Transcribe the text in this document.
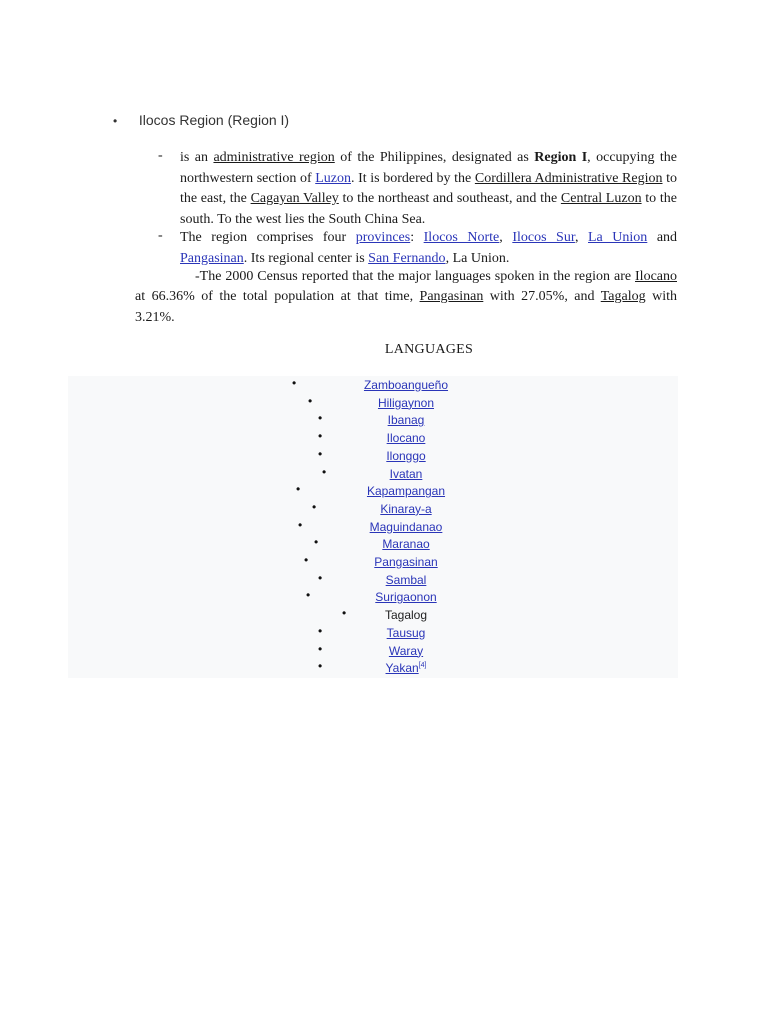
• Ilocos Region (Region I)
- is an administrative region of the Philippines, designated as Region I, occupying the northwestern section of Luzon. It is bordered by the Cordillera Administrative Region to the east, the Cagayan Valley to the northeast and southeast, and the Central Luzon to the south. To the west lies the South China Sea.

- The region comprises four provinces: Ilocos Norte, Ilocos Sur, La Union and Pangasinan. Its regional center is San Fernando, La Union.

-The 2000 Census reported that the major languages spoken in the region are Ilocano at 66.36% of the total population at that time, Pangasinan with 27.05%, and Tagalog with 3.21%.

LANGUAGES
•	Zamboangueño
•	Hiligaynon
•	Ibanag
•	Ilocano
•	Ilonggo
•	Ivatan
•	Kapampangan
•	Kinaray-a
•	Maguindanao
•	Maranao
•	Pangasinan
•	Sambal
•	Surigaonon
•	Tagalog
•	Tausug
•	Waray
•	Yakan[4]
